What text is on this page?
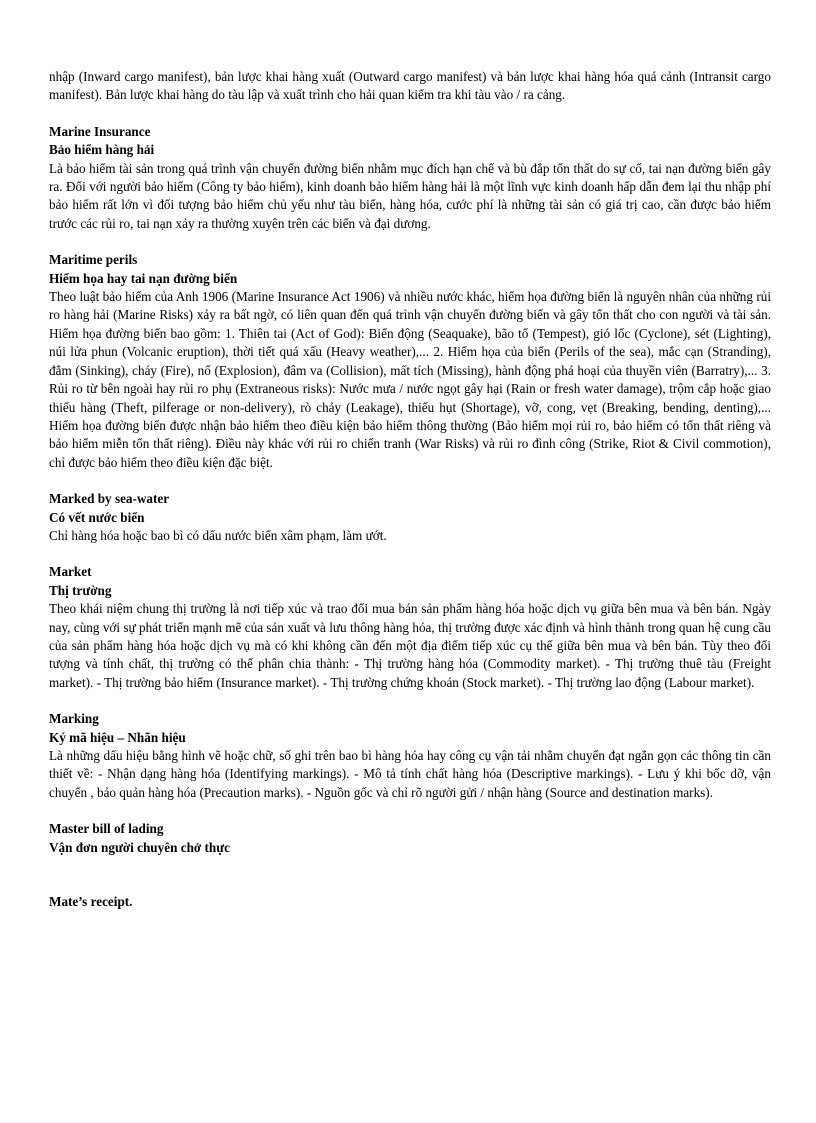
nhập (Inward cargo manifest), bản lược khai hàng xuất (Outward cargo manifest) và bản lược khai hàng hóa quá cảnh (Intransit cargo manifest). Bản lược khai hàng do tàu lập và xuất trình cho hải quan kiểm tra khi tàu vào / ra cảng.

Marine Insurance

Bảo hiểm hàng hải

Là bảo hiểm tài sản trong quá trình vận chuyển đường biển nhằm mục đích hạn chế và bù đắp tổn thất do sự cố, tai nạn đường biển gây ra. Đối với người bảo hiểm (Công ty bảo hiểm), kinh doanh bảo hiểm hàng hải là một lĩnh vực kinh doanh hấp dẫn đem lại thu nhập phí bảo hiểm rất lớn vì đối tượng bảo hiểm chủ yếu như tàu biển, hàng hóa, cước phí là những tài sản có giá trị cao, cần được bảo hiểm trước các rủi ro, tai nạn xảy ra thường xuyên trên các biển và đại dương.

Maritime perils

Hiểm họa hay tai nạn đường biển

Theo luật bảo hiểm của Anh 1906 (Marine Insurance Act 1906) và nhiều nước khác, hiểm họa đường biển là nguyên nhân của những rủi ro hàng hải (Marine Risks) xảy ra bất ngờ, có liên quan đến quá trình vận chuyển đường biển và gây tổn thất cho con người và tài sản. Hiểm họa đường biển bao gồm: 1. Thiên tai (Act of God): Biển động (Seaquake), bão tố (Tempest), gió lốc (Cyclone), sét (Lighting), núi lửa phun (Volcanic eruption), thời tiết quá xấu (Heavy weather),... 2. Hiểm họa của biển (Perils of the sea), mắc cạn (Stranding), đắm (Sinking), cháy (Fire), nổ (Explosion), đâm va (Collision), mất tích (Missing), hành động phá hoại của thuyền viên (Barratry),... 3. Rủi ro từ bên ngoài hay rủi ro phụ (Extraneous risks): Nước mưa / nước ngọt gây hại (Rain or fresh water damage), trộm cắp hoặc giao thiếu hàng (Theft, pilferage or non-delivery), rò chảy (Leakage), thiếu hụt (Shortage), vỡ, cong, vẹt (Breaking, bending, denting),... Hiểm họa đường biển được nhận bảo hiểm theo điều kiện bảo hiểm thông thường (Bảo hiểm mọi rủi ro, bảo hiểm có tổn thất riêng và bảo hiểm miễn tổn thất riêng). Điều này khác với rủi ro chiến tranh (War Risks) và rủi ro đình công (Strike, Riot & Civil commotion), chỉ được bảo hiểm theo điều kiện đặc biệt.

Marked by sea-water

Có vết nước biển

Chỉ hàng hóa hoặc bao bì có dấu nước biển xâm phạm, làm ướt.

Market

Thị trường

Theo khái niệm chung thị trường là nơi tiếp xúc và trao đổi mua bán sản phẩm hàng hóa hoặc dịch vụ giữa bên mua và bên bán. Ngày nay, cùng với sự phát triển mạnh mẽ của sản xuất và lưu thông hàng hóa, thị trường được xác định và hình thành trong quan hệ cung cầu của sản phẩm hàng hóa hoặc dịch vụ mà có khi không cần đến một địa điểm tiếp xúc cụ thể giữa bên mua và bên bán. Tùy theo đối tượng và tính chất, thị trường có thể phân chia thành: - Thị trường hàng hóa (Commodity market). - Thị trường thuê tàu (Freight market). - Thị trường bảo hiểm (Insurance market). - Thị trường chứng khoán (Stock market). - Thị trường lao động (Labour market).

Marking

Ký mã hiệu – Nhãn hiệu

Là những dấu hiệu bằng hình vẽ hoặc chữ, số ghi trên bao bì hàng hóa hay công cụ vận tải nhằm chuyển đạt ngắn gọn các thông tin cần thiết về: - Nhận dạng hàng hóa (Identifying markings). - Mô tả tính chất hàng hóa (Descriptive markings). - Lưu ý khi bốc dỡ, vận chuyển , bảo quản hàng hóa (Precaution marks). - Nguồn gốc và chỉ rõ người gửi / nhận hàng (Source and destination marks).

Master bill of lading

Vận đơn người chuyên chở thực

Mate’s receipt.
